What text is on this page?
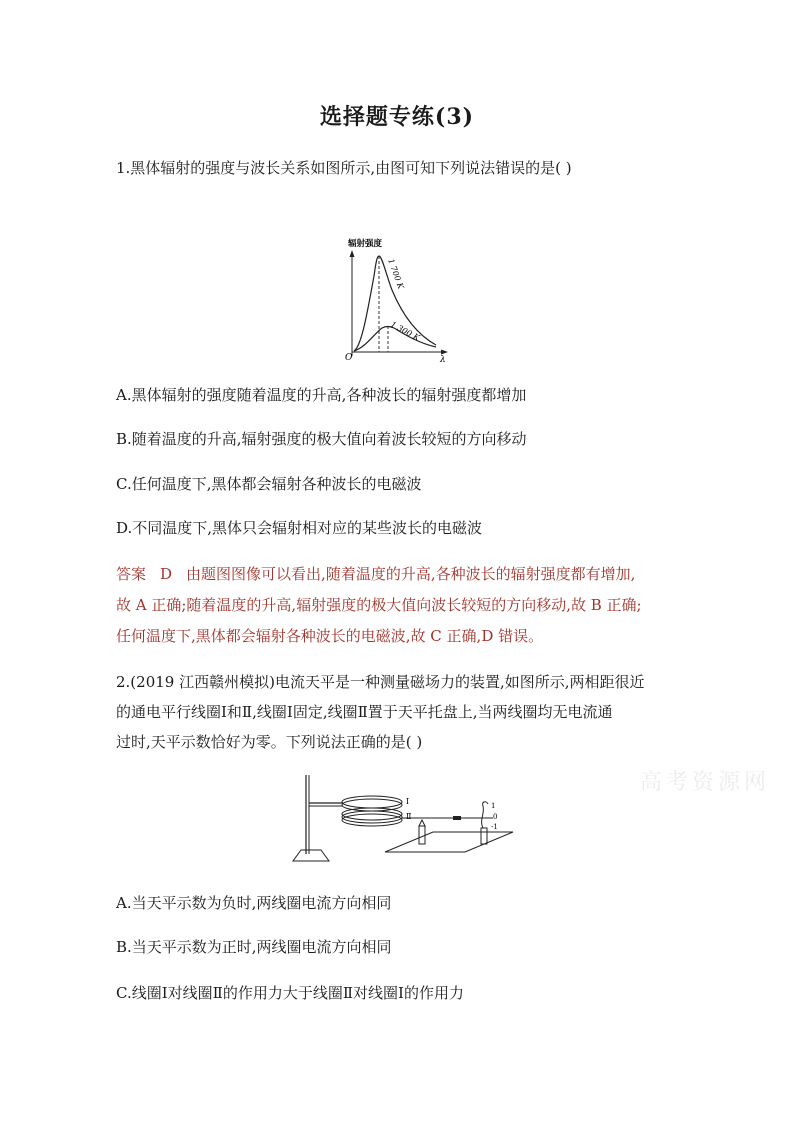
选择题专练(3)
1.黑体辐射的强度与波长关系如图所示,由图可知下列说法错误的是( )
辐射强度
λ
O
1 700 K
1 300 K
A.黑体辐射的强度随着温度的升高,各种波长的辐射强度都增加
B.随着温度的升高,辐射强度的极大值向着波长较短的方向移动
C.任何温度下,黑体都会辐射各种波长的电磁波
D.不同温度下,黑体只会辐射相对应的某些波长的电磁波
答案 D 由题图图像可以看出,随着温度的升高,各种波长的辐射强度都有增加,
故 A 正确;随着温度的升高,辐射强度的极大值向波长较短的方向移动,故 B 正确;
任何温度下,黑体都会辐射各种波长的电磁波,故 C 正确,D 错误。
2.(2019 江西赣州模拟)电流天平是一种测量磁场力的装置,如图所示,两相距很近
的通电平行线圈Ⅰ和Ⅱ,线圈Ⅰ固定,线圈Ⅱ置于天平托盘上,当两线圈均无电流通
过时,天平示数恰好为零。下列说法正确的是( )
Ⅰ
Ⅱ
1
0
-1
高考资源网
A.当天平示数为负时,两线圈电流方向相同
B.当天平示数为正时,两线圈电流方向相同
C.线圈Ⅰ对线圈Ⅱ的作用力大于线圈Ⅱ对线圈Ⅰ的作用力
